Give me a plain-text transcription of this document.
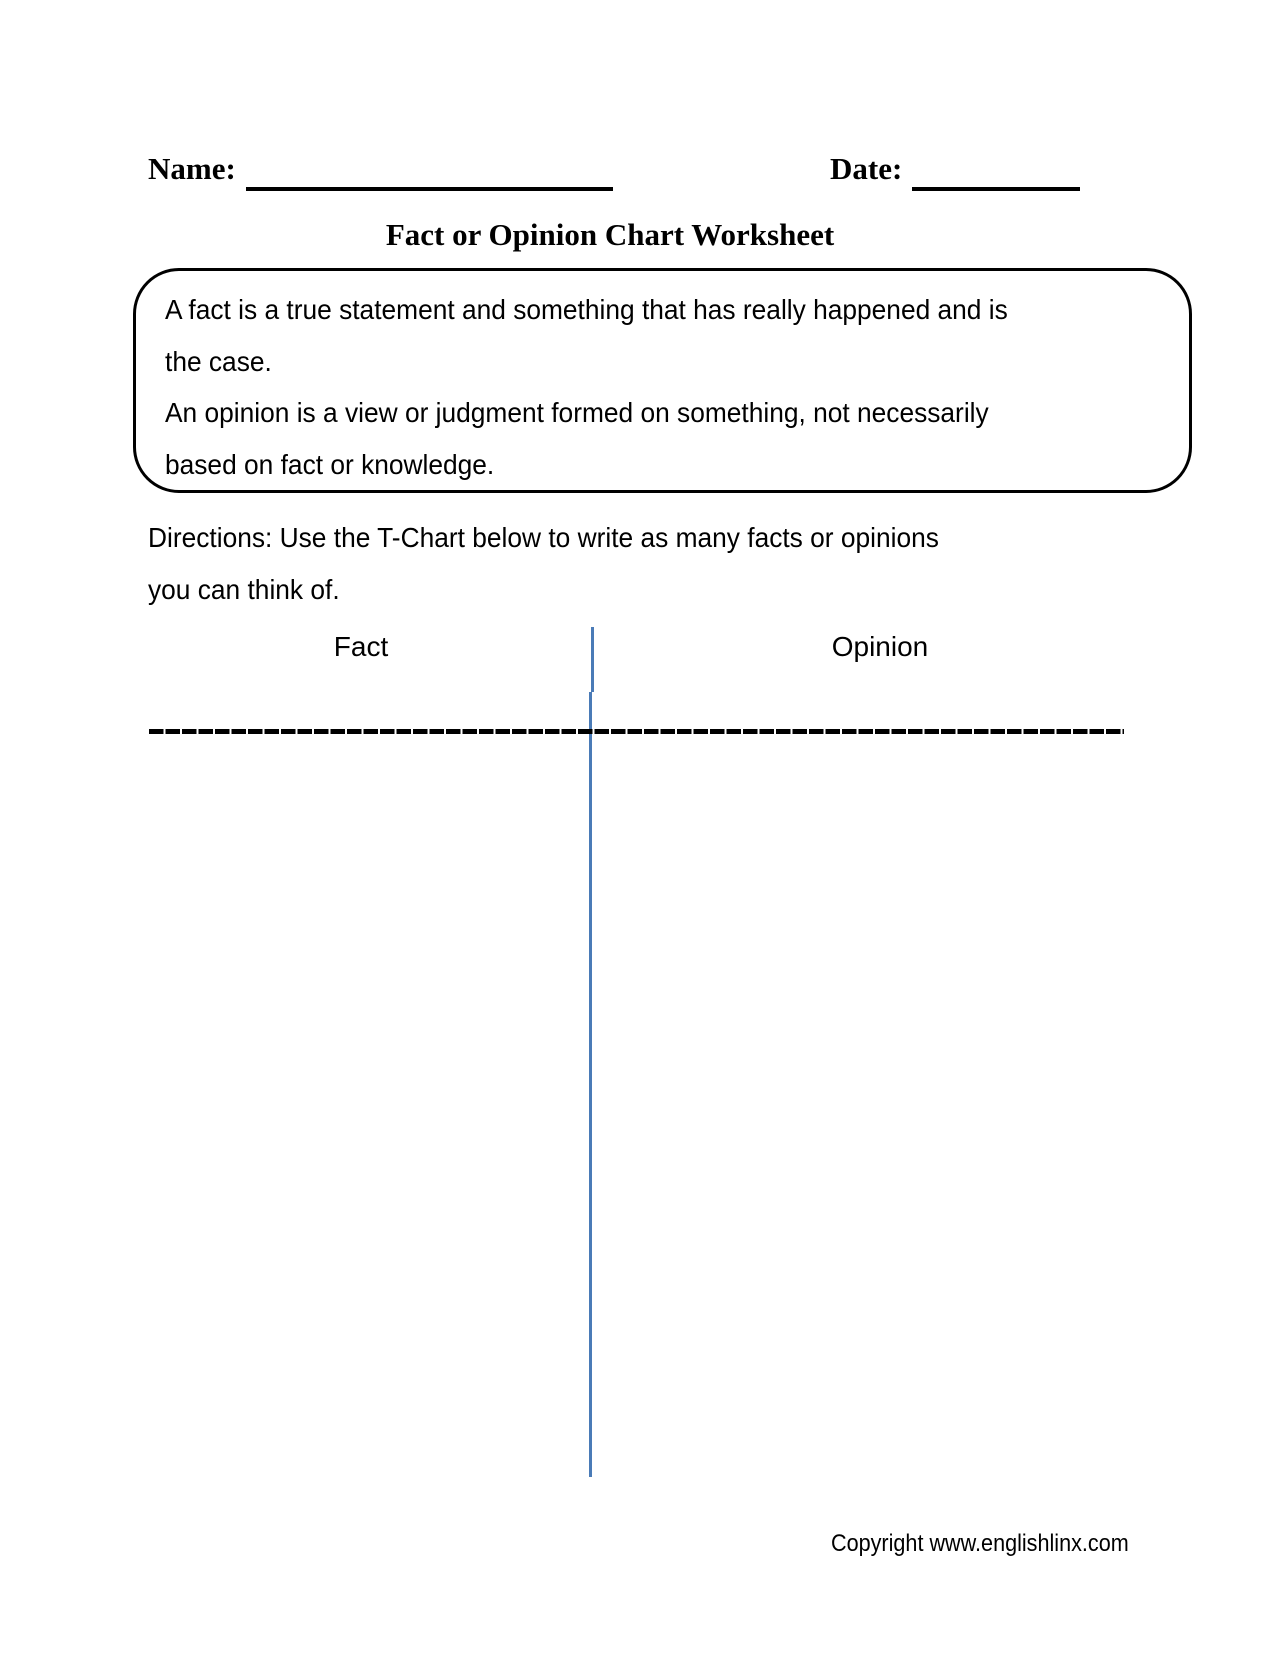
Name:	Date:
Fact or Opinion Chart Worksheet
A fact is a true statement and something that has really happened and is
the case.
An opinion is a view or judgment formed on something, not necessarily
based on fact or knowledge.
Directions: Use the T-Chart below to write as many facts or opinions
you can think of.
Fact	Opinion
Copyright www.englishlinx.com
